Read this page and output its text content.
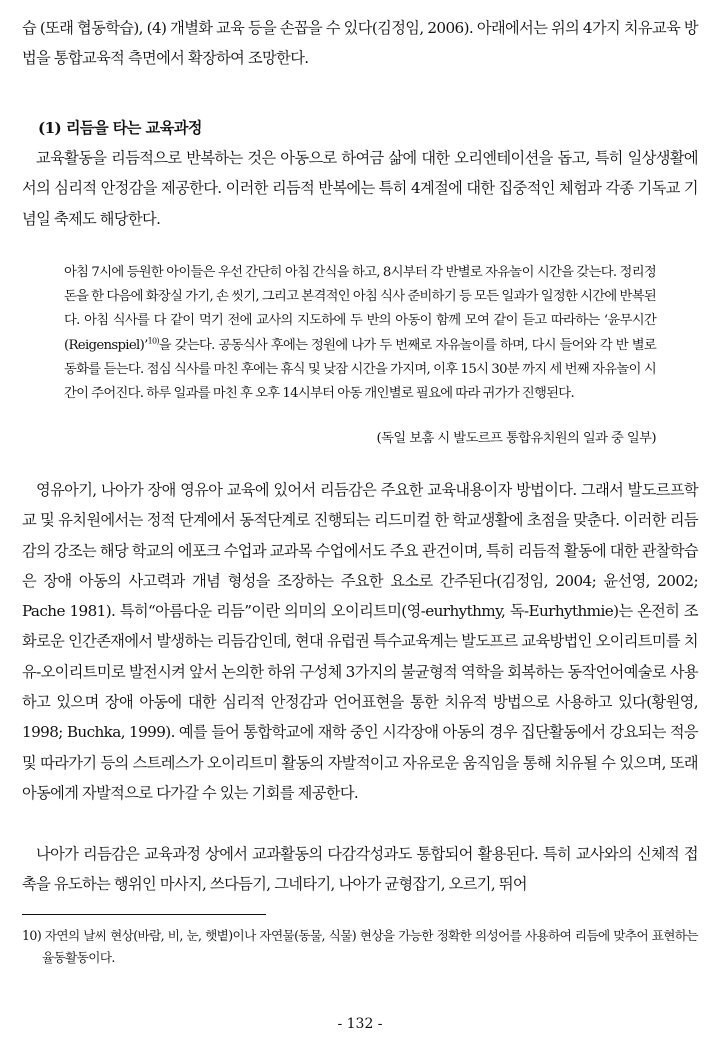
습 (또래 협동학습), (4) 개별화 교육 등을 손꼽을 수 있다(김정임, 2006). 아래에서는 위의 4가지 치유교육 방법을 통합교육적 측면에서 확장하여 조망한다.

(1) 리듬을 타는 교육과정

교육활동을 리듬적으로 반복하는 것은 아동으로 하여금 삶에 대한 오리엔테이션을 돕고, 특히 일상생활에서의 심리적 안정감을 제공한다. 이러한 리듬적 반복에는 특히 4계절에 대한 집중적인 체험과 각종 기독교 기념일 축제도 해당한다.

아침 7시에 등원한 아이들은 우선 간단히 아침 간식을 하고, 8시부터 각 반별로 자유놀이 시간을 갖는다. 정리정돈을 한 다음에 화장실 가기, 손 씻기, 그리고 본격적인 아침 식사 준비하기 등 모든 일과가 일정한 시간에 반복된다. 아침 식사를 다 같이 먹기 전에 교사의 지도하에 두 반의 아동이 함께 모여 같이 듣고 따라하는 ‘윤무시간(Reigenspiel)’$^{10)}$을 갖는다. 공동식사 후에는 정원에 나가 두 번째로 자유놀이를 하며, 다시 들어와 각 반 별로 동화를 듣는다. 점심 식사를 마친 후에는 휴식 및 낮잠 시간을 가지며, 이후 15시 30분 까지 세 번째 자유놀이 시간이 주어진다. 하루 일과를 마친 후 오후 14시부터 아동 개인별로 필요에 따라 귀가가 진행된다.

(독일 보훔 시 발도르프 통합유치원의 일과 중 일부)

영유아기, 나아가 장애 영유아 교육에 있어서 리듬감은 주요한 교육내용이자 방법이다. 그래서 발도르프학교 및 유치원에서는 정적 단계에서 동적단계로 진행되는 리드미컬 한 학교생활에 초점을 맞춘다. 이러한 리듬감의 강조는 해당 학교의 에포크 수업과 교과목 수업에서도 주요 관건이며, 특히 리듬적 활동에 대한 관찰학습은 장애 아동의 사고력과 개념 형성을 조장하는 주요한 요소로 간주된다(김정임, 2004; 윤선영, 2002; Pache 1981). 특히“아름다운 리듬”이란 의미의 오이리트미(영-eurhythmy, 독-Eurhythmie)는 온전히 조화로운 인간존재에서 발생하는 리듬감인데, 현대 유럽권 특수교육계는 발도프르 교육방법인 오이리트미를 치유-오이리트미로 발전시켜 앞서 논의한 하위 구성체 3가지의 불균형적 역학을 회복하는 동작언어예술로 사용하고 있으며 장애 아동에 대한 심리적 안정감과 언어표현을 통한 치유적 방법으로 사용하고 있다(황원영, 1998; Buchka, 1999). 예를 들어 통합학교에 재학 중인 시각장애 아동의 경우 집단활동에서 강요되는 적응 및 따라가기 등의 스트레스가 오이리트미 활동의 자발적이고 자유로운 움직임을 통해 치유될 수 있으며, 또래 아동에게 자발적으로 다가갈 수 있는 기회를 제공한다.

나아가 리듬감은 교육과정 상에서 교과활동의 다감각성과도 통합되어 활용된다. 특히 교사와의 신체적 접촉을 유도하는 행위인 마사지, 쓰다듬기, 그네타기, 나아가 균형잡기, 오르기, 뛰어

10) 자연의 날씨 현상(바람, 비, 눈, 햇볕)이나 자연물(동물, 식물) 현상을 가능한 정확한 의성어를 사용하여 리듬에 맞추어 표현하는 율동활동이다.

- 132 -
